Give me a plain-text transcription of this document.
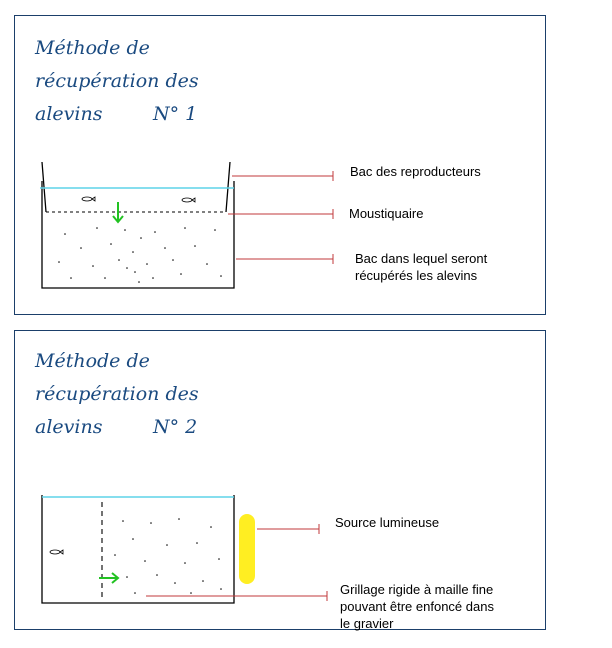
Méthode de
récupération des
alevins	N° 1
Bac des reproducteurs
Moustiquaire
Bac dans lequel seront
récupérés les alevins
Méthode de
récupération des
alevins	N° 2
Source lumineuse
Grillage rigide à maille fine
pouvant être enfoncé dans
le gravier
